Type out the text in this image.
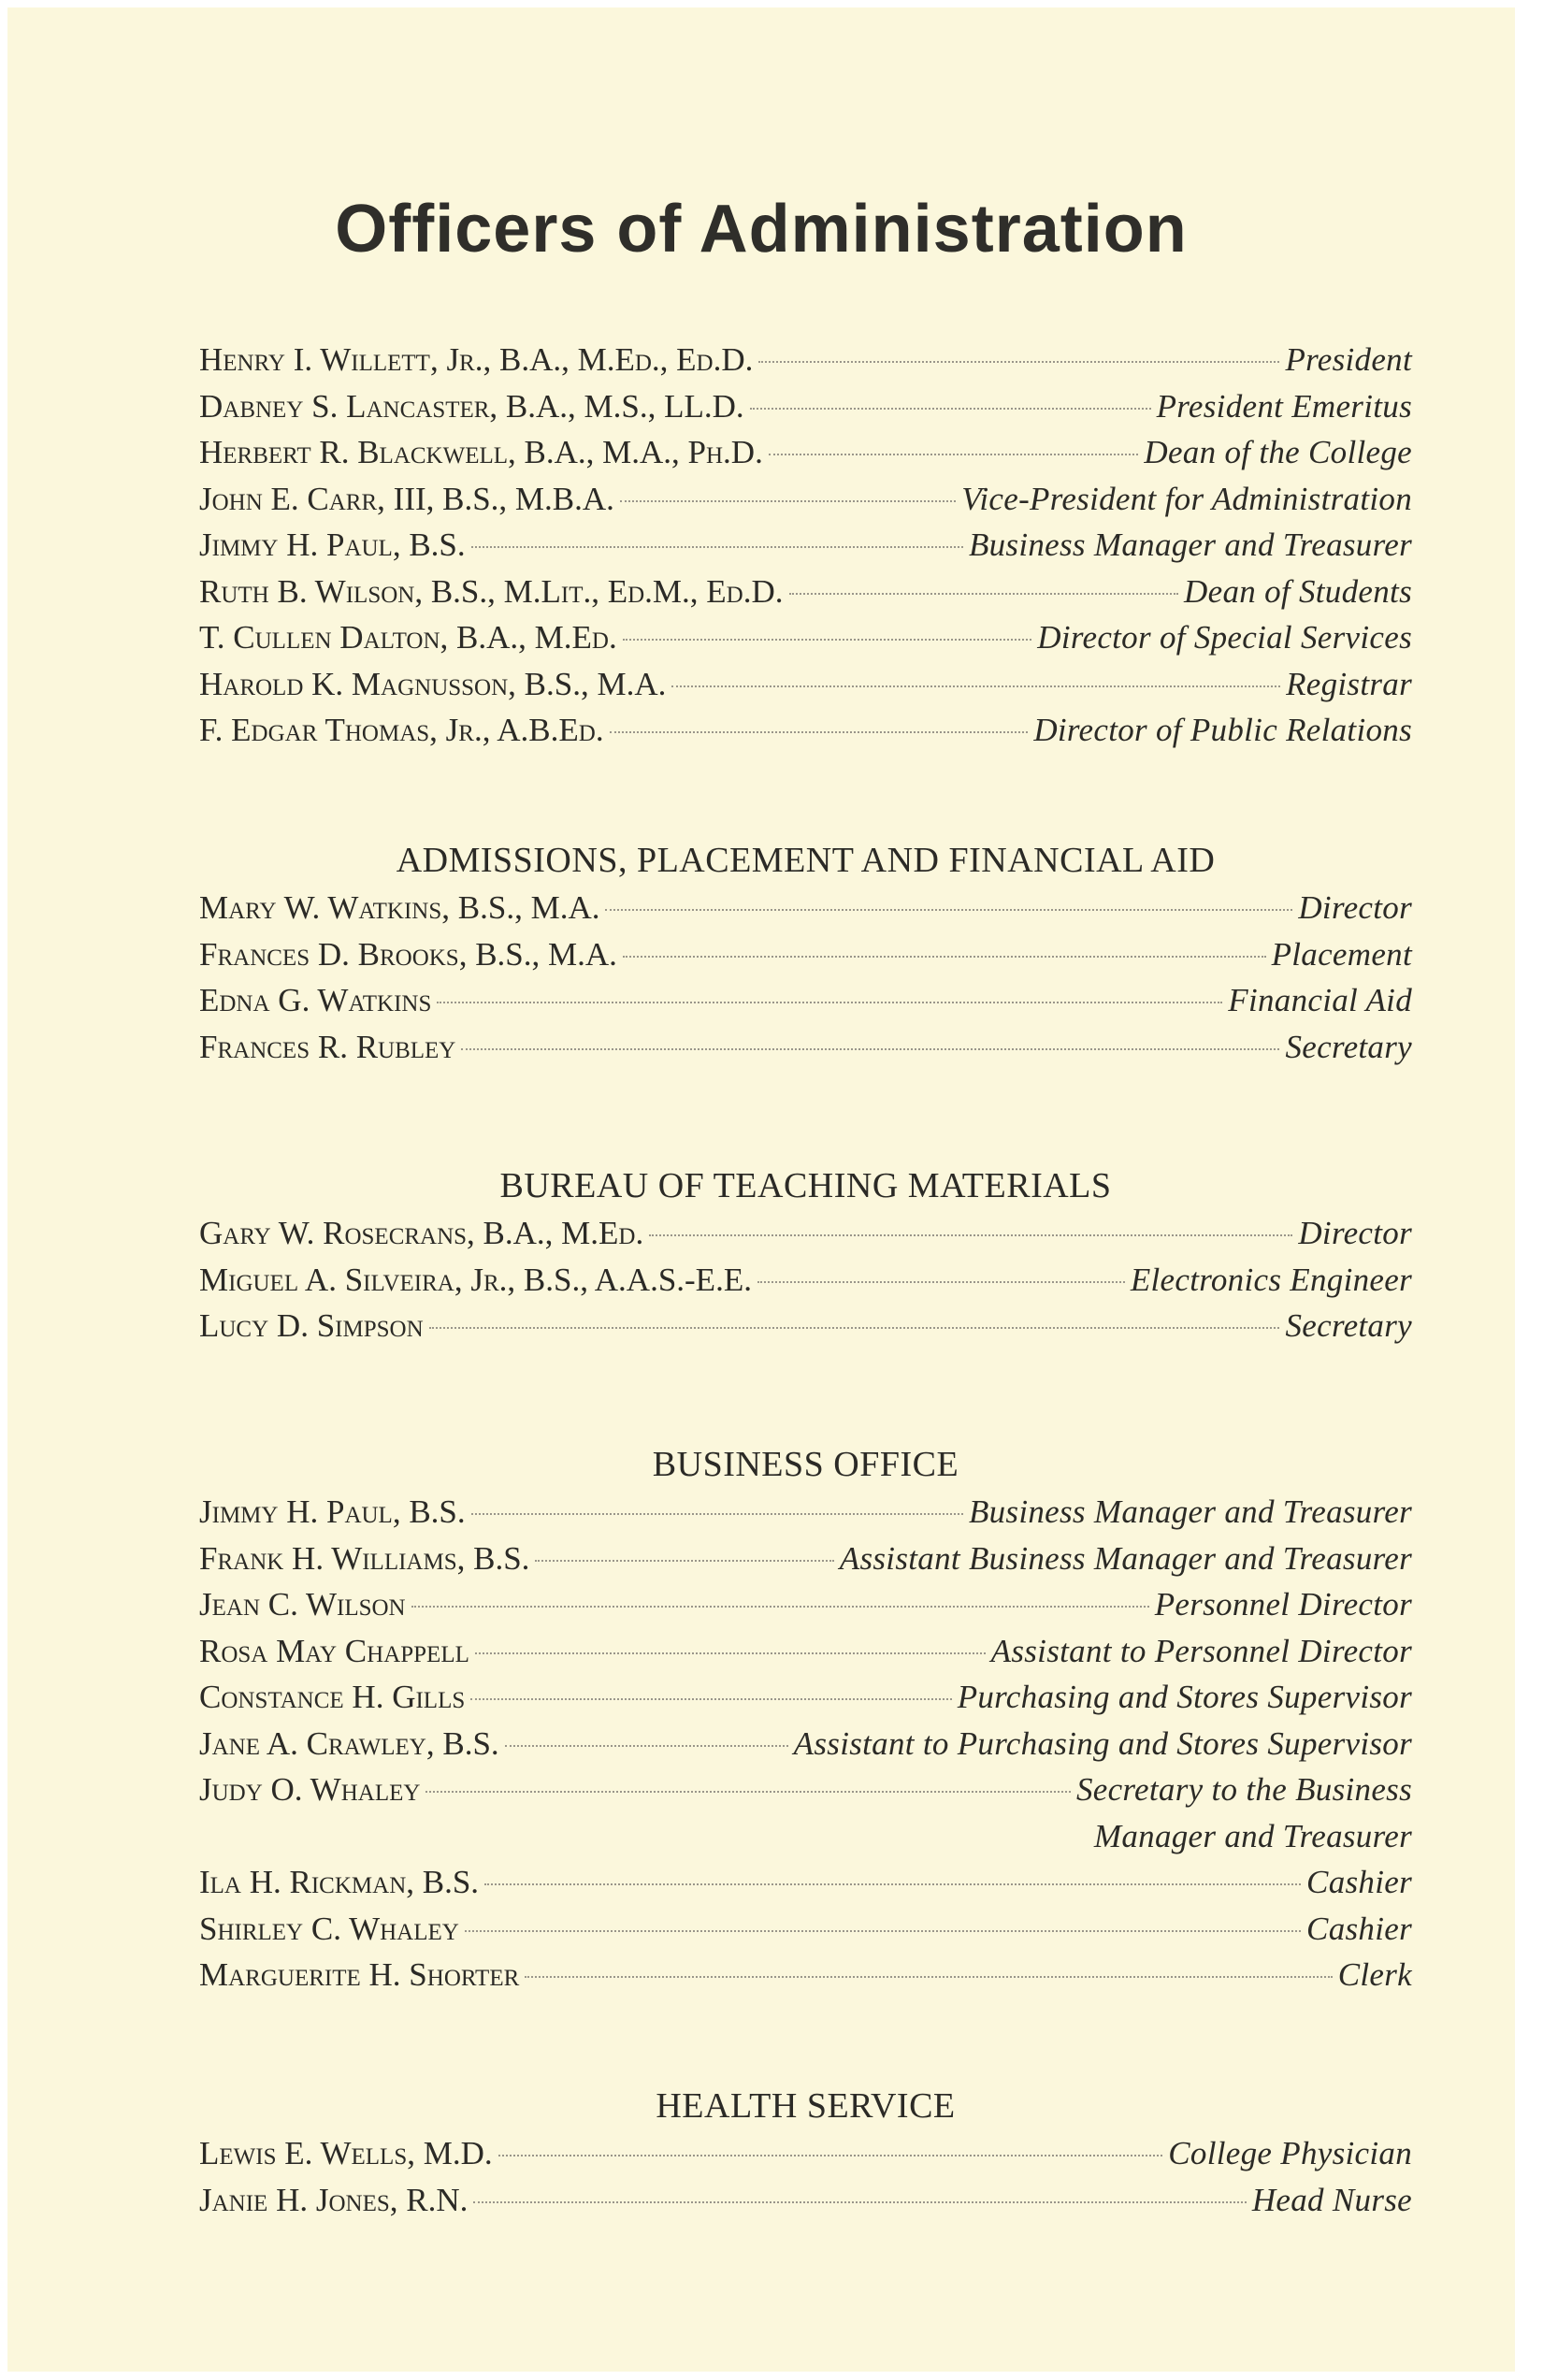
Officers of Administration
Henry I. Willett, Jr., B.A., M.Ed., Ed.D.	President
Dabney S. Lancaster, B.A., M.S., LL.D.	President Emeritus
Herbert R. Blackwell, B.A., M.A., Ph.D.	Dean of the College
John E. Carr, III, B.S., M.B.A.	Vice-President for Administration
Jimmy H. Paul, B.S.	Business Manager and Treasurer
Ruth B. Wilson, B.S., M.Lit., Ed.M., Ed.D.	Dean of Students
T. Cullen Dalton, B.A., M.Ed.	Director of Special Services
Harold K. Magnusson, B.S., M.A.	Registrar
F. Edgar Thomas, Jr., A.B.Ed.	Director of Public Relations
ADMISSIONS, PLACEMENT AND FINANCIAL AID
Mary W. Watkins, B.S., M.A.	Director
Frances D. Brooks, B.S., M.A.	Placement
Edna G. Watkins	Financial Aid
Frances R. Rubley	Secretary
BUREAU OF TEACHING MATERIALS
Gary W. Rosecrans, B.A., M.Ed.	Director
Miguel A. Silveira, Jr., B.S., A.A.S.-E.E.	Electronics Engineer
Lucy D. Simpson	Secretary
BUSINESS OFFICE
Jimmy H. Paul, B.S.	Business Manager and Treasurer
Frank H. Williams, B.S.	Assistant Business Manager and Treasurer
Jean C. Wilson	Personnel Director
Rosa May Chappell	Assistant to Personnel Director
Constance H. Gills	Purchasing and Stores Supervisor
Jane A. Crawley, B.S.	Assistant to Purchasing and Stores Supervisor
Judy O. Whaley	Secretary to the Business
Manager and Treasurer
Ila H. Rickman, B.S.	Cashier
Shirley C. Whaley	Cashier
Marguerite H. Shorter	Clerk
HEALTH SERVICE
Lewis E. Wells, M.D.	College Physician
Janie H. Jones, R.N.	Head Nurse
